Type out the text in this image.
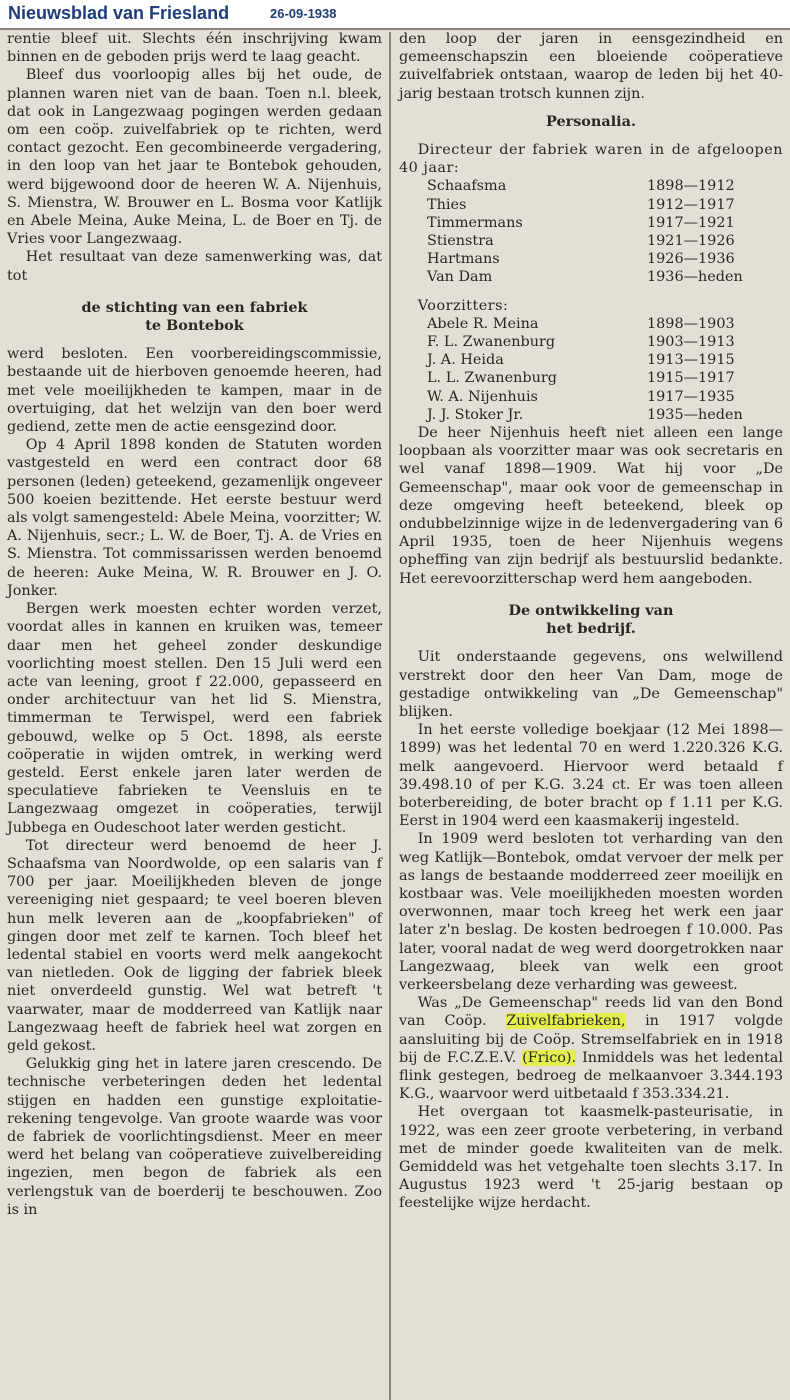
Nieuwsblad van Friesland	26-09-1938

rentie bleef uit. Slechts één inschrijving kwam binnen en de geboden prijs werd te laag geacht.

Bleef dus voorloopig alles bij het oude, de plannen waren niet van de baan. Toen n.l. bleek, dat ook in Langezwaag pogingen werden gedaan om een coöp. zuivelfabriek op te richten, werd contact gezocht. Een gecombineerde vergadering, in den loop van het jaar te Bontebok gehouden, werd bijgewoond door de heeren W. A. Nijenhuis, S. Mienstra, W. Brouwer en L. Bosma voor Katlijk en Abele Meina, Auke Meina, L. de Boer en Tj. de Vries voor Langezwaag.

Het resultaat van deze samenwerking was, dat tot

de stichting van een fabriek

te Bontebok

werd besloten. Een voorbereidingscommissie, bestaande uit de hierboven genoemde heeren, had met vele moeilijkheden te kampen, maar in de overtuiging, dat het welzijn van den boer werd gediend, zette men de actie eensgezind door.

Op 4 April 1898 konden de Statuten worden vastgesteld en werd een contract door 68 personen (leden) geteekend, gezamenlijk ongeveer 500 koeien bezittende. Het eerste bestuur werd als volgt samengesteld: Abele Meina, voorzitter; W. A. Nijenhuis, secr.; L. W. de Boer, Tj. A. de Vries en S. Mienstra. Tot commissarissen werden benoemd de heeren: Auke Meina, W. R. Brouwer en J. O. Jonker.

Bergen werk moesten echter worden verzet, voordat alles in kannen en kruiken was, temeer daar men het geheel zonder deskundige voorlichting moest stellen. Den 15 Juli werd een acte van leening, groot f 22.000, gepasseerd en onder architectuur van het lid S. Mienstra, timmerman te Terwispel, werd een fabriek gebouwd, welke op 5 Oct. 1898, als eerste coöperatie in wijden omtrek, in werking werd gesteld. Eerst enkele jaren later werden de speculatieve fabrieken te Veensluis en te Langezwaag omgezet in coöperaties, terwijl Jubbega en Oudeschoot later werden gesticht.

Tot directeur werd benoemd de heer J. Schaafsma van Noordwolde, op een salaris van f 700 per jaar. Moeilijkheden bleven de jonge vereeniging niet gespaard; te veel boeren bleven hun melk leveren aan de „koopfabrieken" of gingen door met zelf te karnen. Toch bleef het ledental stabiel en voorts werd melk aangekocht van nietleden. Ook de ligging der fabriek bleek niet onverdeeld gunstig. Wel wat betreft 't vaarwater, maar de modderreed van Katlijk naar Langezwaag heeft de fabriek heel wat zorgen en geld gekost.

Gelukkig ging het in latere jaren crescendo. De technische verbeteringen deden het ledental stijgen en hadden een gunstige exploitatie-rekening tengevolge. Van groote waarde was voor de fabriek de voorlichtingsdienst. Meer en meer werd het belang van coöperatieve zuivelbereiding ingezien, men begon de fabriek als een verlengstuk van de boerderij te beschouwen. Zoo is in

den loop der jaren in eensgezindheid en gemeenschapszin een bloeiende coöperatieve zuivelfabriek ontstaan, waarop de leden bij het 40-jarig bestaan trotsch kunnen zijn.

Personalia.

Directeur der fabriek waren in de afgeloopen 40 jaar:

Schaafsma	1898—1912
Thies	1912—1917
Timmermans	1917—1921
Stienstra	1921—1926
Hartmans	1926—1936
Van Dam	1936—heden

Voorzitters:

Abele R. Meina	1898—1903
F. L. Zwanenburg	1903—1913
J. A. Heida	1913—1915
L. L. Zwanenburg	1915—1917
W. A. Nijenhuis	1917—1935
J. J. Stoker Jr.	1935—heden

De heer Nijenhuis heeft niet alleen een lange loopbaan als voorzitter maar was ook secretaris en wel vanaf 1898—1909. Wat hij voor „De Gemeenschap", maar ook voor de gemeenschap in deze omgeving heeft beteekend, bleek op ondubbelzinnige wijze in de ledenvergadering van 6 April 1935, toen de heer Nijenhuis wegens opheffing van zijn bedrijf als bestuurslid bedankte. Het eerevoorzitterschap werd hem aangeboden.

De ontwikkeling van

het bedrijf.

Uit onderstaande gegevens, ons welwillend verstrekt door den heer Van Dam, moge de gestadige ontwikkeling van „De Gemeenschap" blijken.

In het eerste volledige boekjaar (12 Mei 1898—1899) was het ledental 70 en werd 1.220.326 K.G. melk aangevoerd. Hiervoor werd betaald f 39.498.10 of per K.G. 3.24 ct. Er was toen alleen boterbereiding, de boter bracht op f 1.11 per K.G. Eerst in 1904 werd een kaasmakerij ingesteld.

In 1909 werd besloten tot verharding van den weg Katlijk—Bontebok, omdat vervoer der melk per as langs de bestaande modderreed zeer moeilijk en kostbaar was. Vele moeilijkheden moesten worden overwonnen, maar toch kreeg het werk een jaar later z'n beslag. De kosten bedroegen f 10.000. Pas later, vooral nadat de weg werd doorgetrokken naar Langezwaag, bleek van welk een groot verkeersbelang deze verharding was geweest.

Was „De Gemeenschap" reeds lid van den Bond van Coöp. Zuivelfabrieken, in 1917 volgde aansluiting bij de Coöp. Stremselfabriek en in 1918 bij de F.C.Z.E.V. (Frico). Inmiddels was het ledental flink gestegen, bedroeg de melkaanvoer 3.344.193 K.G., waarvoor werd uitbetaald f 353.334.21.

Het overgaan tot kaasmelk-pasteurisatie, in 1922, was een zeer groote verbetering, in verband met de minder goede kwaliteiten van de melk. Gemiddeld was het vetgehalte toen slechts 3.17. In Augustus 1923 werd 't 25-jarig bestaan op feestelijke wijze herdacht.
